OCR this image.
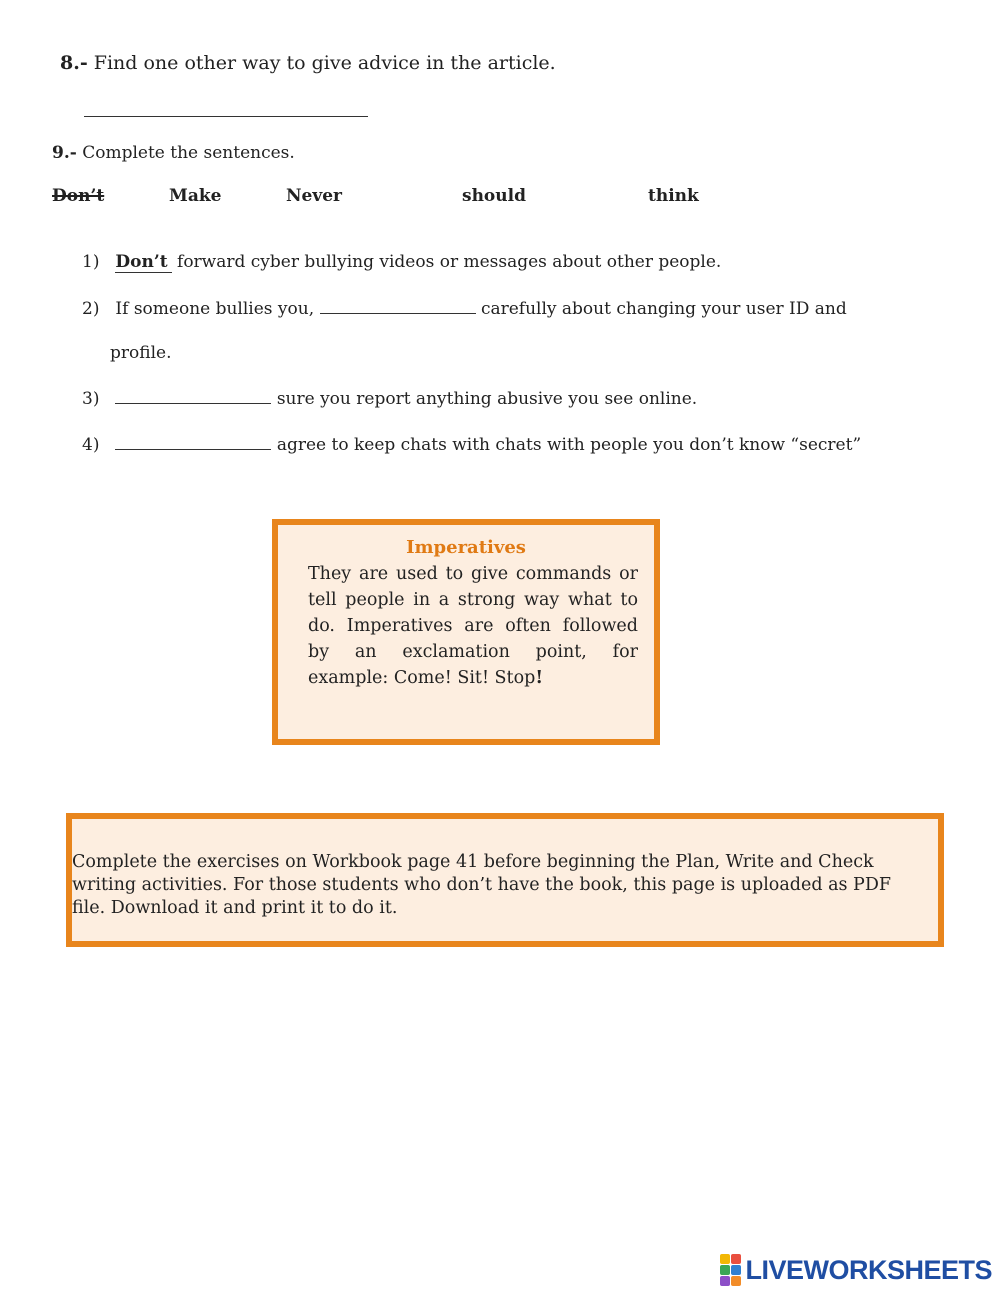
8.- Find one other way to give advice in the article.
9.- Complete the sentences.
Don’t	Make	Never	should	think
1) Don’t forward cyber bullying videos or messages about other people.
2) If someone bullies you,	carefully about changing your user ID and
profile.
3)	sure you report anything abusive you see online.
4)	agree to keep chats with chats with people you don’t know “secret”
Imperatives
They are used to give commands or tell people in a strong way what to do. Imperatives are often followed by an exclamation point, for example: Come! Sit! Stop!
Complete the exercises on Workbook page 41 before beginning the Plan, Write and Check
writing activities. For those students who don’t have the book, this page is uploaded as PDF
file. Download it and print it to do it.
LIVEWORKSHEETS
